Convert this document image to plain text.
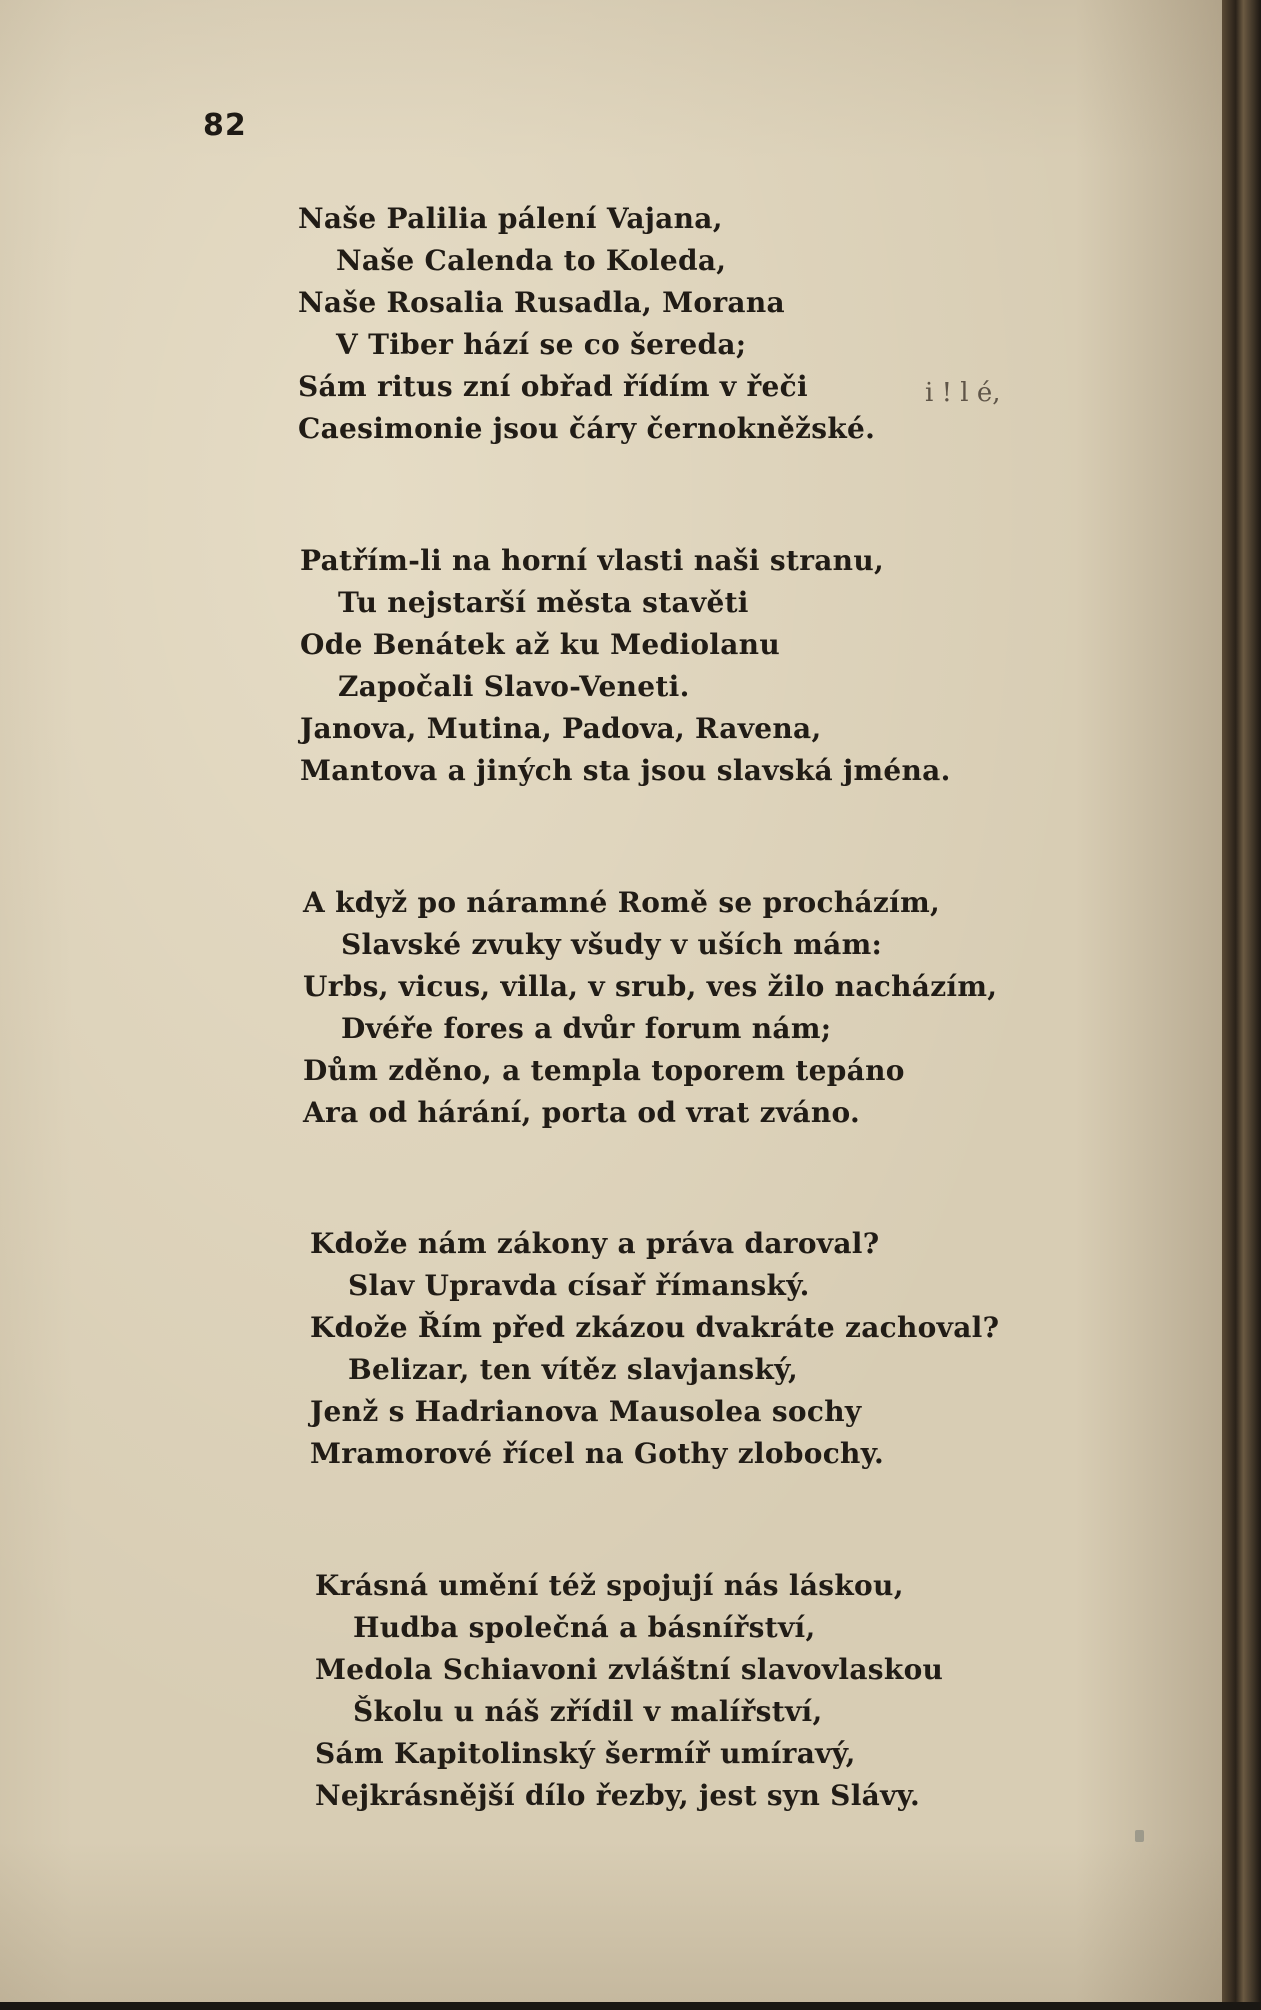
82
Naše Palilia pálení Vajana,
Naše Calenda to Koleda,
Naše Rosalia Rusadla, Morana
V Tiber hází se co šereda;
Sám ritus zní obřad řídím v řeči
Caesimonie jsou čáry černokněžské.
i ! l é,
Patřím-li na horní vlasti naši stranu,
Tu nejstarší města stavěti
Ode Benátek až ku Mediolanu
Započali Slavo-Veneti.
Janova, Mutina, Padova, Ravena,
Mantova a jiných sta jsou slavská jména.
A když po náramné Romě se procházím,
Slavské zvuky všudy v uších mám:
Urbs, vicus, villa, v srub, ves žilo nacházím,
Dvéře fores a dvůr forum nám;
Dům zděno, a templa toporem tepáno
Ara od hárání, porta od vrat zváno.
Kdože nám zákony a práva daroval?
Slav Upravda císař římanský.
Kdože Řím před zkázou dvakráte zachoval?
Belizar, ten vítěz slavjanský,
Jenž s Hadrianova Mausolea sochy
Mramorové řícel na Gothy zlobochy.
Krásná umění též spojují nás láskou,
Hudba společná a básnířství,
Medola Schiavoni zvláštní slavovlaskou
Školu u náš zřídil v malířství,
Sám Kapitolinský šermíř umíravý,
Nejkrásnější dílo řezby, jest syn Slávy.
